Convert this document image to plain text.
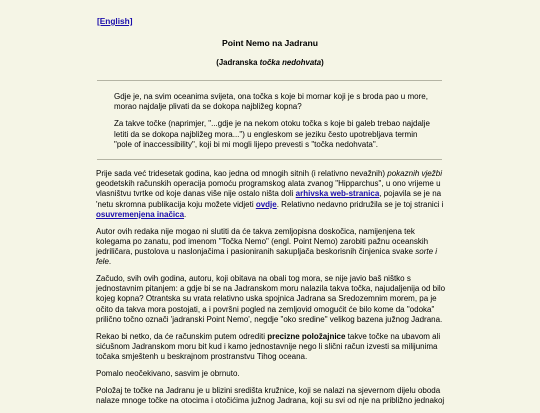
[English]
Point Nemo na Jadranu
(Jadranska točka nedohvata)

Gdje je, na svim oceanima svijeta, ona točka s koje bi mornar koji je s broda pao u more, morao najdalje plivati da se dokopa najbližeg kopna?

Za takve točke (naprimjer, "...gdje je na nekom otoku točka s koje bi galeb trebao najdalje letiti da se dokopa najbližeg mora...") u engleskom se jeziku često upotrebljava termin "pole of inaccessibility", koji bi mi mogli lijepo prevesti s "točka nedohvata".

Prije sada već tridesetak godina, kao jedna od mnogih sitnih (i relativno nevažnih) pokaznih vježbi geodetskih računskih operacija pomoću programskog alata zvanog "Hipparchus", u ono vrijeme u vlasništvu tvrtke od koje danas više nije ostalo ništa doli arhivska web-stranica, pojavila se je na 'netu skromna publikacija koju možete vidjeti ovdje. Relativno nedavno pridružila se je toj stranici i osuvremenjena inačica.

Autor ovih redaka nije mogao ni slutiti da će takva zemljopisna doskočica, namijenjena tek kolegama po zanatu, pod imenom "Točka Nemo" (engl. Point Nemo) zarobiti pažnu oceanskih jedriličara, pustolova u naslonjačima i pasioniranih sakupljača beskorisnih činjenica svake sorte i fele.

Začudo, svih ovih godina, autoru, koji obitava na obali tog mora, se nije javio baš ništko s jednostavnim pitanjem: a gdje bi se na Jadranskom moru nalazila takva točka, najudaljenija od bilo kojeg kopna? Otrantska su vrata relativno uska spojnica Jadrana sa Sredozemnim morem, pa je očito da takva mora postojati, a i površni pogled na zemljovid omogućit će bilo kome da "odoka" prilično točno označi 'jadranski Point Nemo', negdje "oko sredine" velikog bazena južnog Jadrana.

Rekao bi netko, da će računskim putem odrediti precizne položajnice takve točke na ubavom ali sićušnom Jadranskom moru bit kud i kamo jednostavnije nego li slični račun izvesti sa milijunima točaka smještenh u beskrajnom prostranstvu Tihog oceana.

Pomalo neočekivano, sasvim je obrnuto.

Položaj te točke na Jadranu je u blizini središta kružnice, koji se nalazi na sjevernom dijelu oboda nalaze mnoge točke na otocima i otočićima južnog Jadrana, koji su svi od nje na približno jednakoj
